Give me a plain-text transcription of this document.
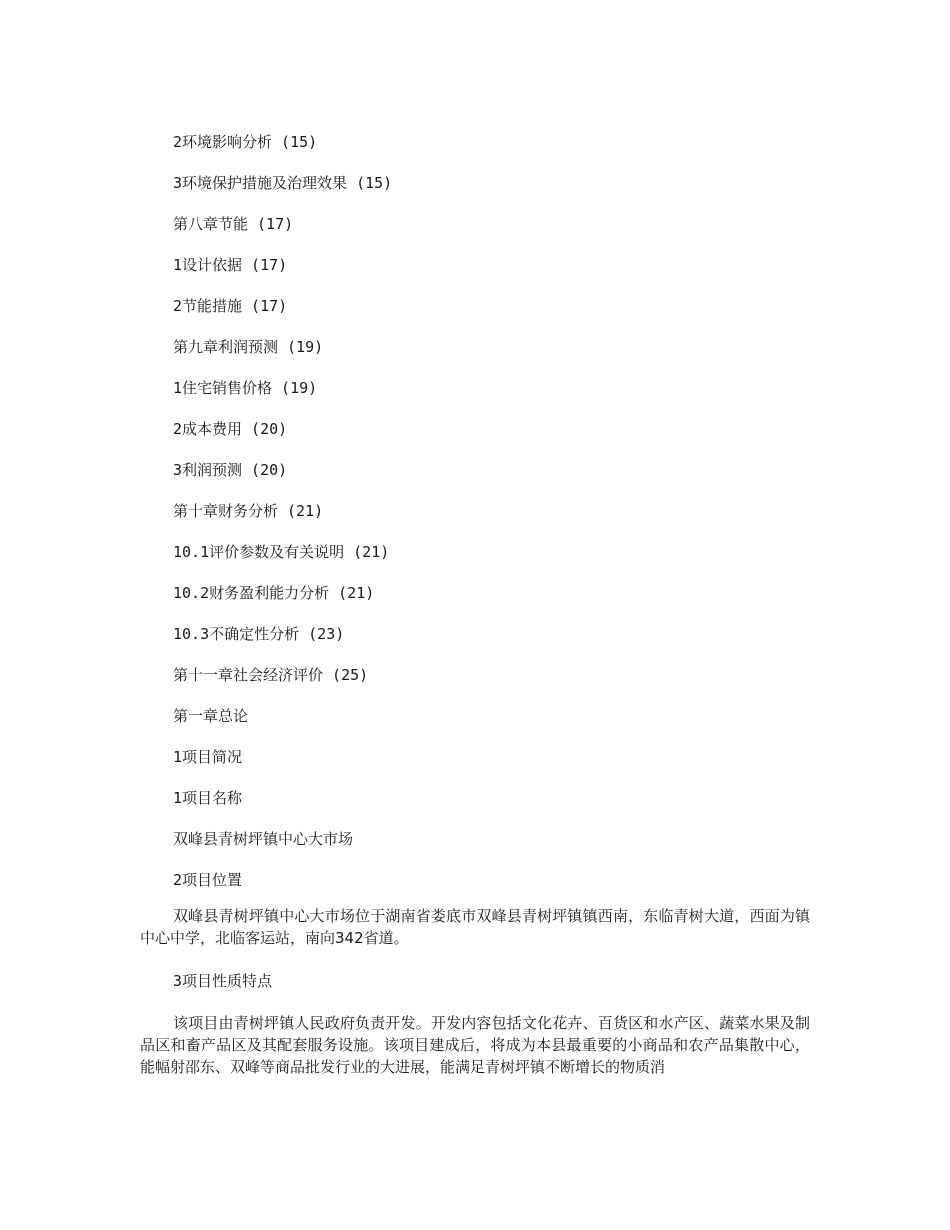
2环境影响分析 (15)
3环境保护措施及治理效果 (15)
第八章节能 (17)
1设计依据 (17)
2节能措施 (17)
第九章利润预测 (19)
1住宅销售价格 (19)
2成本费用 (20)
3利润预测 (20)
第十章财务分析 (21)
10.1评价参数及有关说明 (21)
10.2财务盈利能力分析 (21)
10.3不确定性分析 (23)
第十一章社会经济评价 (25)
第一章总论
1项目简况
1项目名称
双峰县青树坪镇中心大市场
2项目位置
双峰县青树坪镇中心大市场位于湖南省娄底市双峰县青树坪镇镇西南，东临青树大道，西面为镇中心中学，北临客运站，南向342省道。
3项目性质特点
该项目由青树坪镇人民政府负责开发。开发内容包括文化花卉、百货区和水产区、蔬菜水果及制品区和畜产品区及其配套服务设施。该项目建成后，将成为本县最重要的小商品和农产品集散中心，能幅射邵东、双峰等商品批发行业的大进展，能满足青树坪镇不断增长的物质消
